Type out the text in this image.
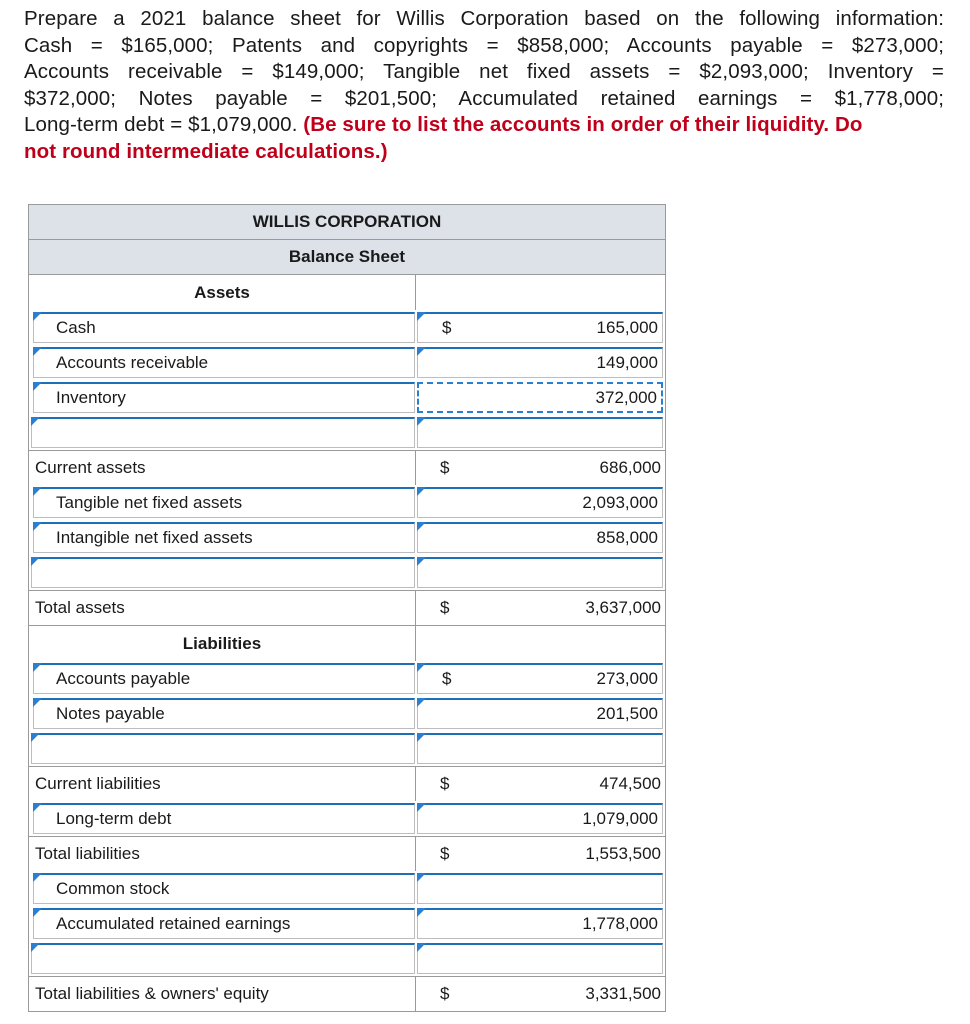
Prepare a 2021 balance sheet for Willis Corporation based on the following information:
Cash = $165,000; Patents and copyrights = $858,000; Accounts payable = $273,000;
Accounts receivable = $149,000; Tangible net fixed assets = $2,093,000; Inventory =
$372,000; Notes payable = $201,500; Accumulated retained earnings = $1,778,000;
Long-term debt = $1,079,000. (Be sure to list the accounts in order of their liquidity. Do
not round intermediate calculations.)
WILLIS CORPORATION
Balance Sheet
Assets
Cash	$	165,000
Accounts receivable	149,000
Inventory	372,000
Current assets	$	686,000
Tangible net fixed assets	2,093,000
Intangible net fixed assets	858,000
Total assets	$	3,637,000
Liabilities
Accounts payable	$	273,000
Notes payable	201,500
Current liabilities	$	474,500
Long-term debt	1,079,000
Total liabilities	$	1,553,500
Common stock
Accumulated retained earnings	1,778,000
Total liabilities & owners' equity	$	3,331,500
